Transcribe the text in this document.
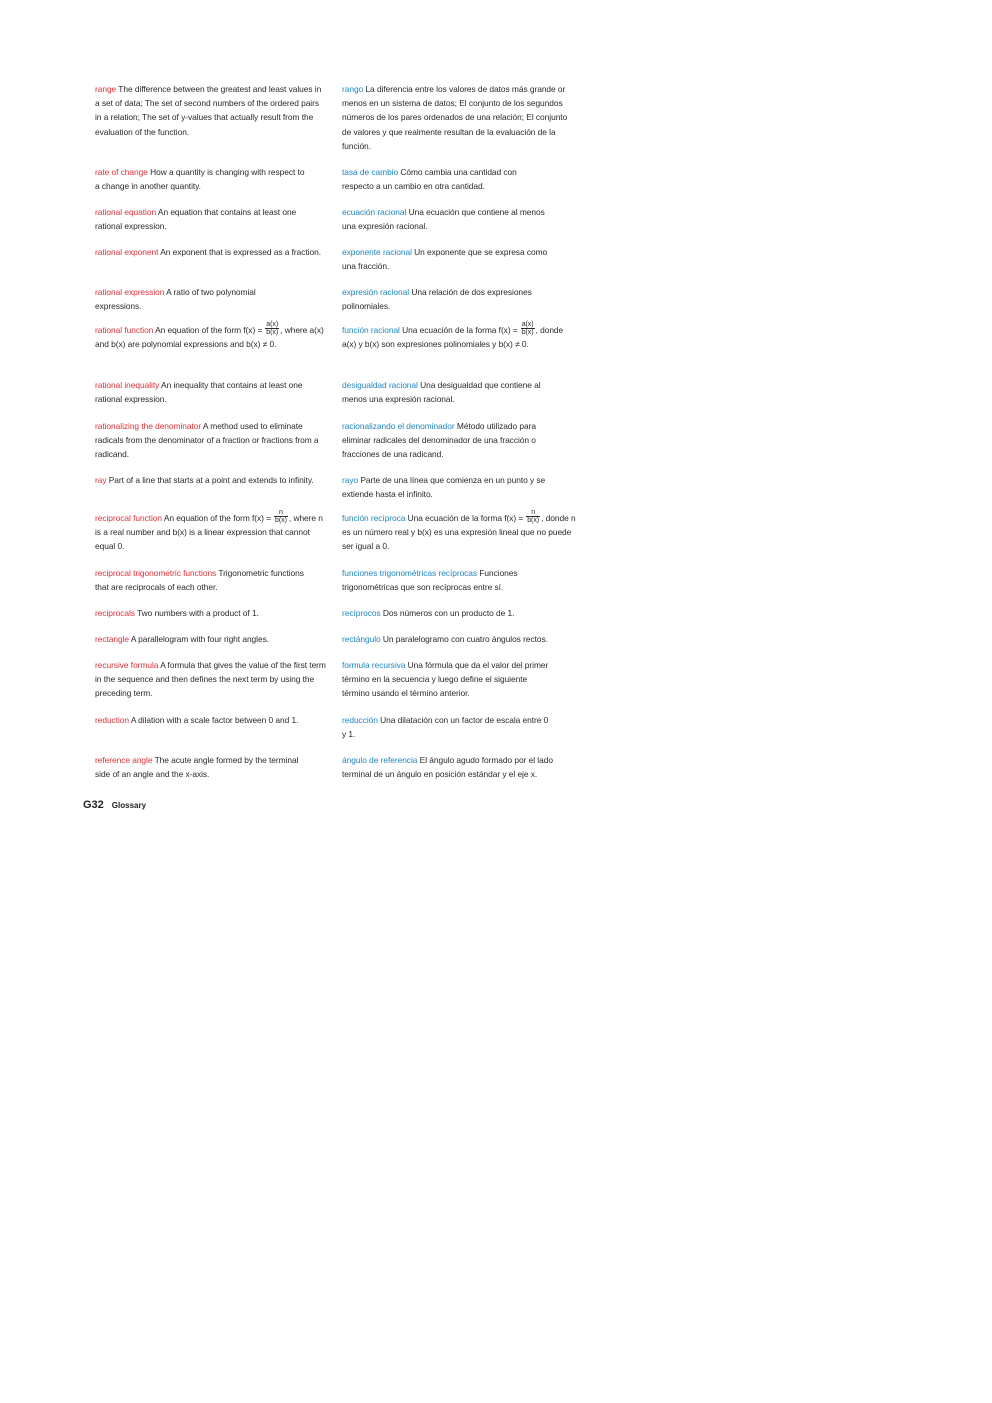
range The difference between the greatest and least values in a set of data; The set of second numbers of the ordered pairs in a relation; The set of y-values that actually result from the evaluation of the function.
rate of change How a quantity is changing with respect to a change in another quantity.
rational equation An equation that contains at least one rational expression.
rational exponent An exponent that is expressed as a fraction.
rational expression A ratio of two polynomial expressions.
rational function An equation of the form $f(x) = \frac{a(x)}{b(x)}$ , where a(x) and b(x) are polynomial expressions and b(x) ≠ 0.
rational inequality An inequality that contains at least one rational expression.
rationalizing the denominator A method used to eliminate radicals from the denominator of a fraction or fractions from a radicand.
ray Part of a line that starts at a point and extends to infinity.
reciprocal function An equation of the form $f(x) = \frac{n}{b(x)}$ , where n is a real number and b(x) is a linear expression that cannot equal 0.
reciprocal trigonometric functions Trigonometric functions that are reciprocals of each other.
reciprocals Two numbers with a product of 1.
rectangle A parallelogram with four right angles.
recursive formula A formula that gives the value of the first term in the sequence and then defines the next term by using the preceding term.
reduction A dilation with a scale factor between 0 and 1.
reference angle The acute angle formed by the terminal side of an angle and the x-axis.
rango La diferencia entre los valores de datos más grande or menos en un sistema de datos; El conjunto de los segundos números de los pares ordenados de una relación; El conjunto de valores y que realmente resultan de la evaluación de la función.
tasa de cambio Cómo cambia una cantidad con respecto a un cambio en otra cantidad.
ecuación racional Una ecuación que contiene al menos una expresión racional.
exponente racional Un exponente que se expresa como una fracción.
expresión racional Una relación de dos expresiones polinomiales.
función racional Una ecuación de la forma $f(x) = \frac{a(x)}{b(x)}$ , donde a(x) y b(x) son expresiones polinomiales y b(x) ≠ 0.
desigualdad racional Una desigualdad que contiene al menos una expresión racional.
racionalizando el denominador Método utilizado para eliminar radicales del denominador de una fracción o fracciones de una radicand.
rayo Parte de una línea que comienza en un punto y se extiende hasta el infinito.
función recíproca Una ecuación de la forma $f(x) = \frac{n}{b(x)}$ , donde n es un número real y b(x) es una expresión lineal que no puede ser igual a 0.
funciones trigonométricas recíprocas Funciones trigonométricas que son recíprocas entre sí.
recíprocos Dos números con un producto de 1.
rectángulo Un paralelogramo con cuatro ángulos rectos.
formula recursiva Una fórmula que da el valor del primer término en la secuencia y luego define el siguiente término usando el término anterior.
reducción Una dilatación con un factor de escala entre 0 y 1.
ángulo de referencia El ángulo agudo formado por el lado terminal de un ángulo en posición estándar y el eje x.
G32 Glossary
